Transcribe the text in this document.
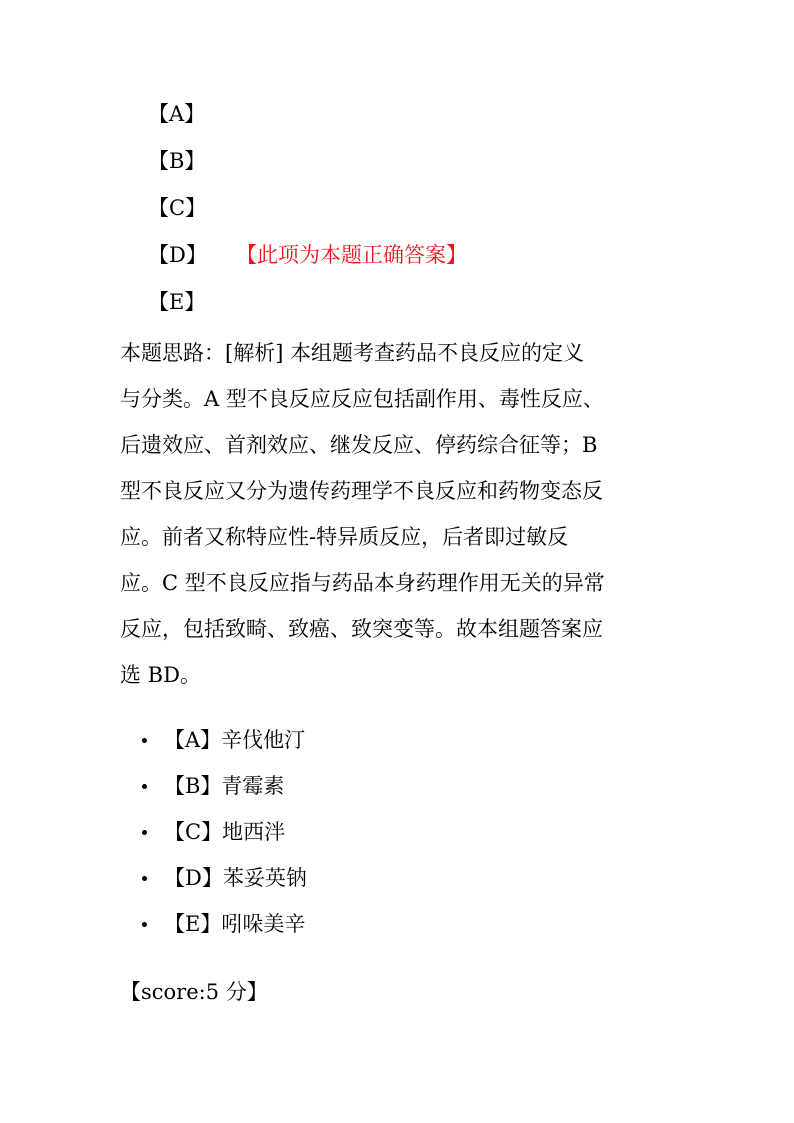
【A】
【B】
【C】
【D】 【此项为本题正确答案】
【E】
本题思路：[解析] 本组题考查药品不良反应的定义
与分类。A 型不良反应反应包括副作用、毒性反应、
后遗效应、首剂效应、继发反应、停药综合征等；B
型不良反应又分为遗传药理学不良反应和药物变态反
应。前者又称特应性-特异质反应，后者即过敏反
应。C 型不良反应指与药品本身药理作用无关的异常
反应，包括致畸、致癌、致突变等。故本组题答案应
选 BD。
【A】辛伐他汀
【B】青霉素
【C】地西泮
【D】苯妥英钠
【E】吲哚美辛
【score:5 分】
